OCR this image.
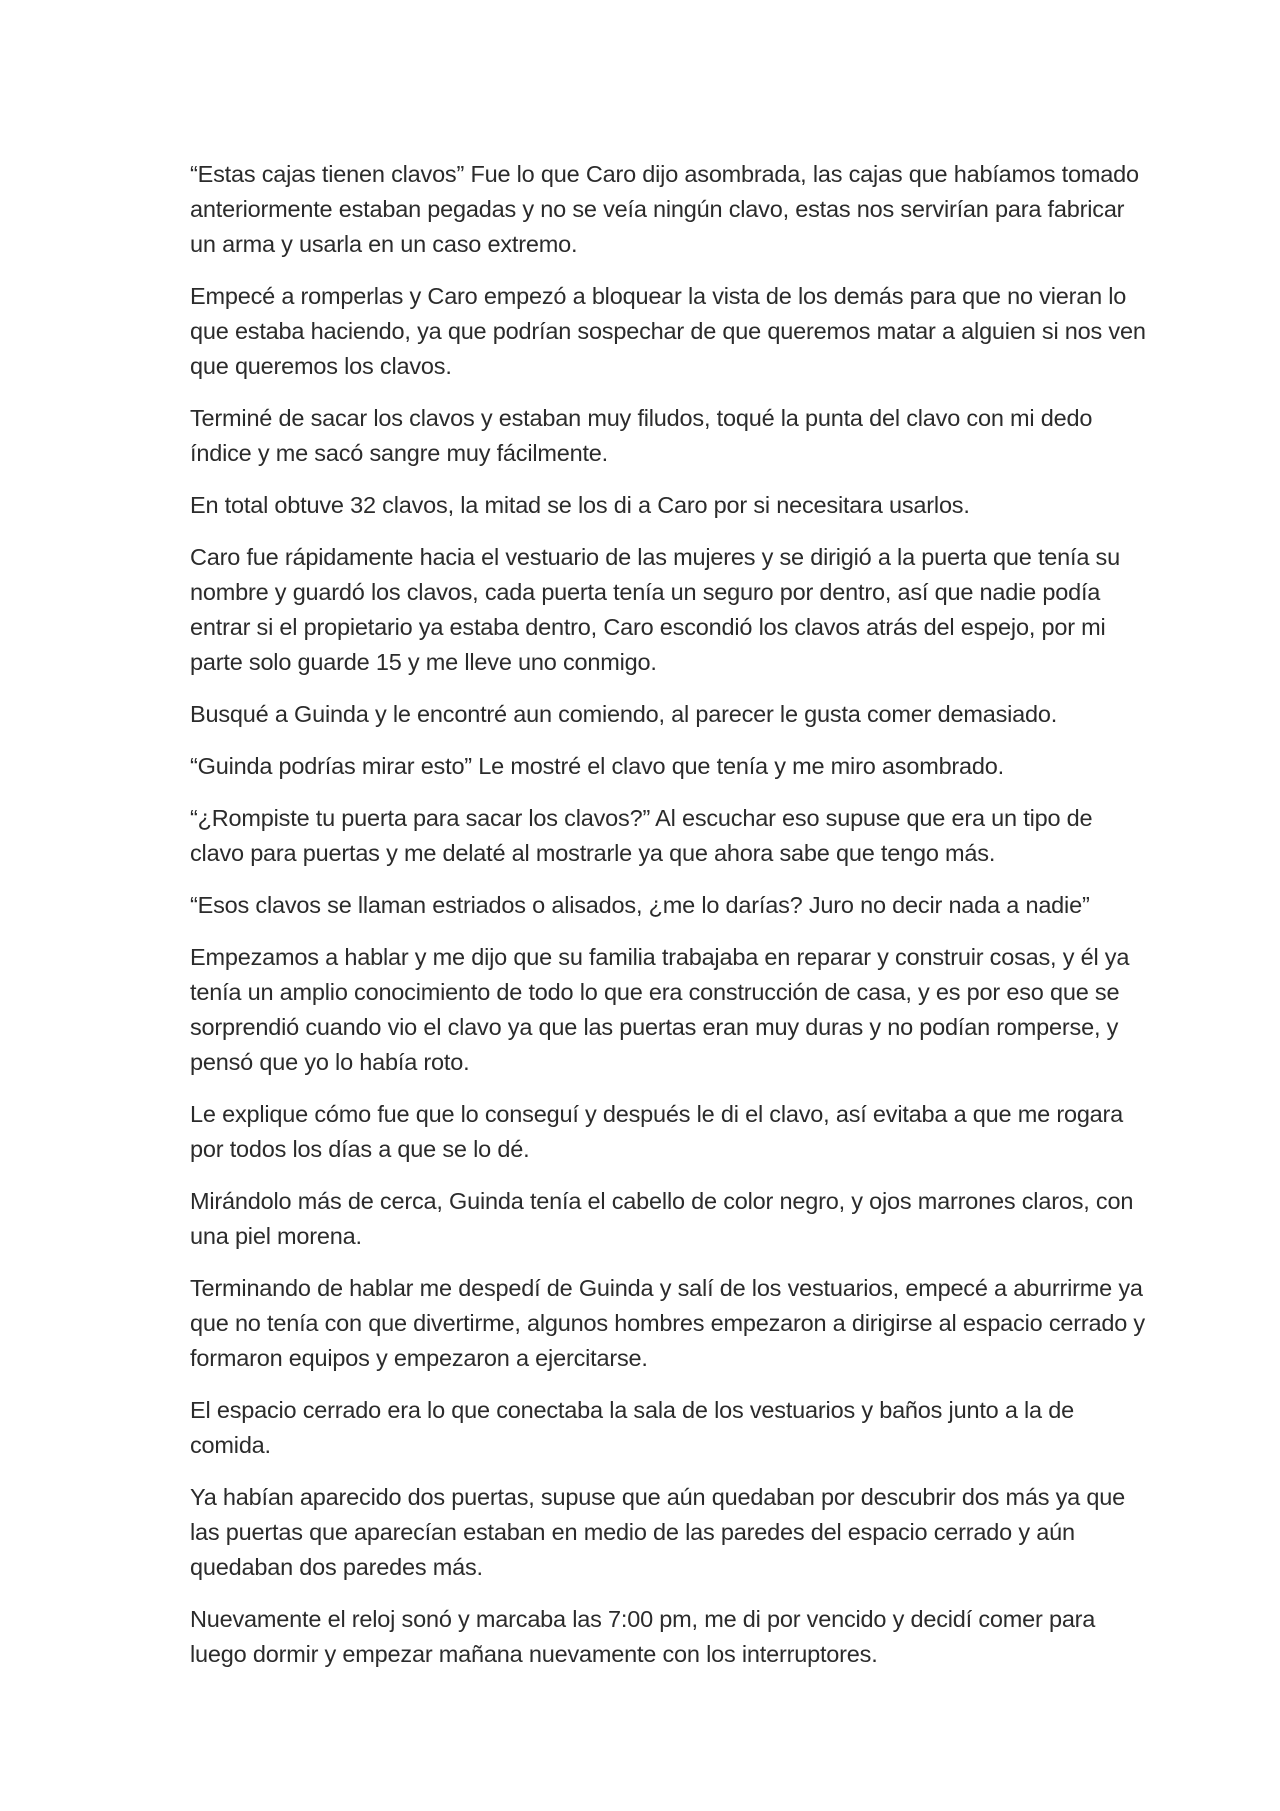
“Estas cajas tienen clavos” Fue lo que Caro dijo asombrada, las cajas que habíamos tomado anteriormente estaban pegadas y no se veía ningún clavo, estas nos servirían para fabricar un arma y usarla en un caso extremo.

Empecé a romperlas y Caro empezó a bloquear la vista de los demás para que no vieran lo que estaba haciendo, ya que podrían sospechar de que queremos matar a alguien si nos ven que queremos los clavos.

Terminé de sacar los clavos y estaban muy filudos, toqué la punta del clavo con mi dedo índice y me sacó sangre muy fácilmente.

En total obtuve 32 clavos, la mitad se los di a Caro por si necesitara usarlos.

Caro fue rápidamente hacia el vestuario de las mujeres y se dirigió a la puerta que tenía su nombre y guardó los clavos, cada puerta tenía un seguro por dentro, así que nadie podía entrar si el propietario ya estaba dentro, Caro escondió los clavos atrás del espejo, por mi parte solo guarde 15 y me lleve uno conmigo.

Busqué a Guinda y le encontré aun comiendo, al parecer le gusta comer demasiado.

“Guinda podrías mirar esto” Le mostré el clavo que tenía y me miro asombrado.

“¿Rompiste tu puerta para sacar los clavos?” Al escuchar eso supuse que era un tipo de clavo para puertas y me delaté al mostrarle ya que ahora sabe que tengo más.

“Esos clavos se llaman estriados o alisados, ¿me lo darías? Juro no decir nada a nadie”

Empezamos a hablar y me dijo que su familia trabajaba en reparar y construir cosas, y él ya tenía un amplio conocimiento de todo lo que era construcción de casa, y es por eso que se sorprendió cuando vio el clavo ya que las puertas eran muy duras y no podían romperse, y pensó que yo lo había roto.

Le explique cómo fue que lo conseguí y después le di el clavo, así evitaba a que me rogara por todos los días a que se lo dé.

Mirándolo más de cerca, Guinda tenía el cabello de color negro, y ojos marrones claros, con una piel morena.

Terminando de hablar me despedí de Guinda y salí de los vestuarios, empecé a aburrirme ya que no tenía con que divertirme, algunos hombres empezaron a dirigirse al espacio cerrado y formaron equipos y empezaron a ejercitarse.

El espacio cerrado era lo que conectaba la sala de los vestuarios y baños junto a la de comida.

Ya habían aparecido dos puertas, supuse que aún quedaban por descubrir dos más ya que las puertas que aparecían estaban en medio de las paredes del espacio cerrado y aún quedaban dos paredes más.

Nuevamente el reloj sonó y marcaba las 7:00 pm, me di por vencido y decidí comer para luego dormir y empezar mañana nuevamente con los interruptores.
